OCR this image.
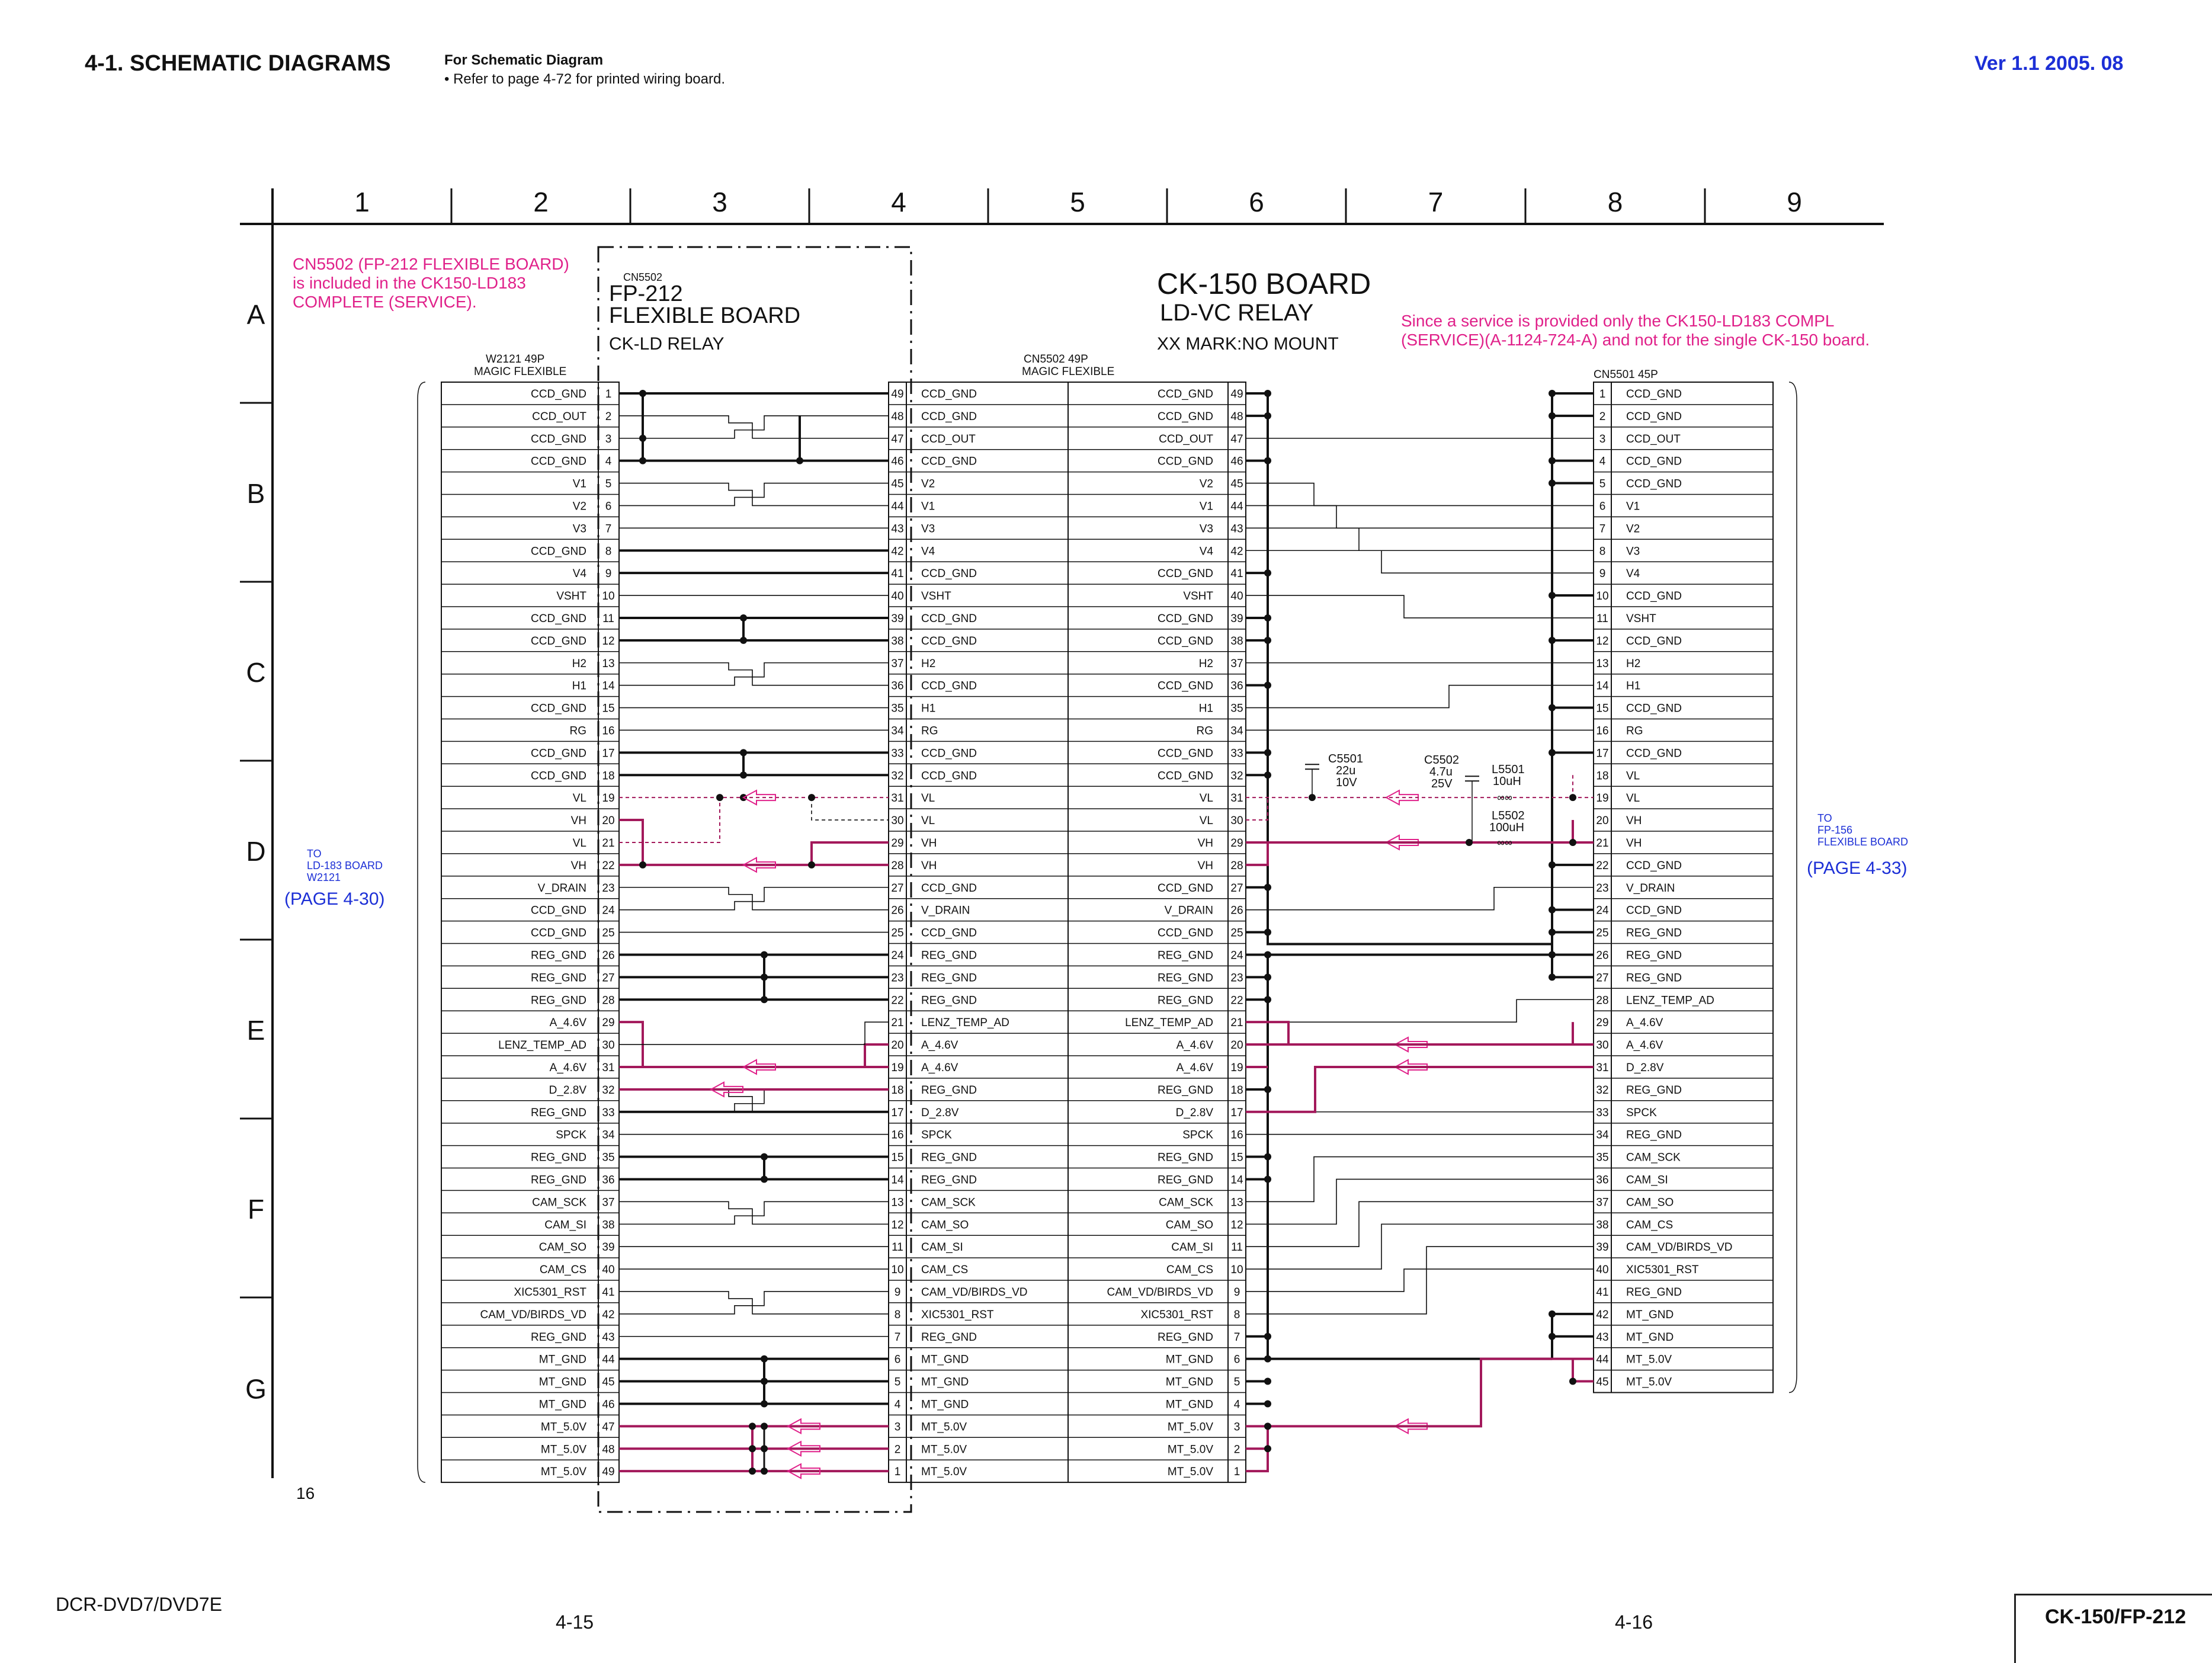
4-1. SCHEMATIC DIAGRAMS	For Schematic Diagram
• Refer to page 4-72 for printed wiring board.
Ver 1.1 2005. 08
CN5502 (FP-212 FLEXIBLE BOARD)
is included in the CK150-LD183
COMPLETE (SERVICE).
Since a service is provided only the CK150-LD183 COMPL
(SERVICE)(A-1124-724-A) and not for the single CK-150 board.
CN5502
FP-212
FLEXIBLE BOARD
CK-LD RELAY
CK-150 BOARD
LD-VC RELAY
XX MARK:NO MOUNT
W2121 49P
MAGIC FLEXIBLE
CN5502 49P
MAGIC FLEXIBLE	CN5501 45P
16
TO
LD-183 BOARD
W2121
(PAGE 4-30)
TO
FP-156
FLEXIBLE BOARD
(PAGE 4-33)
C5501
22u
10V
C5502
4.7u
25V
L5501
10uH
L5502
100uH
1	2	3	4	5	6	7	8	9
A
B
C
D
E
F
G
CCD_GND 1
CCD_OUT 2
CCD_GND 3
CCD_GND 4
V1 5
V2 6
V3 7
CCD_GND 8
V4 9
VSHT 10
CCD_GND 11
CCD_GND 12
H2 13
H1 14
CCD_GND 15
RG 16
CCD_GND 17
CCD_GND 18
VL 19
VH 20
VL 21
VH 22
V_DRAIN 23
CCD_GND 24
CCD_GND 25
REG_GND 26
REG_GND 27
REG_GND 28
A_4.6V 29
LENZ_TEMP_AD 30
A_4.6V 31
D_2.8V 32
REG_GND 33
SPCK 34
REG_GND 35
REG_GND 36
CAM_SCK 37
CAM_SI 38
CAM_SO 39
CAM_CS 40
XIC5301_RST 41
CAM_VD/BIRDS_VD 42
REG_GND 43
MT_GND 44
MT_GND 45
MT_GND 46
MT_5.0V 47
MT_5.0V 48
MT_5.0V 49
49 CCD_GND	CCD_GND 49
48 CCD_GND	CCD_GND 48
47 CCD_OUT	CCD_OUT 47
46 CCD_GND	CCD_GND 46
45 V2	V2 45
44 V1	V1 44
43 V3	V3 43
42 V4	V4 42
41 CCD_GND	CCD_GND 41
40 VSHT	VSHT 40
39 CCD_GND	CCD_GND 39
38 CCD_GND	CCD_GND 38
37 H2	H2 37
36 CCD_GND	CCD_GND 36
35 H1	H1 35
34 RG	RG 34
33 CCD_GND	CCD_GND 33
32 CCD_GND	CCD_GND 32
31 VL	VL 31
30 VL	VL 30
29 VH	VH 29
28 VH	VH 28
27 CCD_GND	CCD_GND 27
26 V_DRAIN	V_DRAIN 26
25 CCD_GND	CCD_GND 25
24 REG_GND	REG_GND 24
23 REG_GND	REG_GND 23
22 REG_GND	REG_GND 22
21 LENZ_TEMP_AD	LENZ_TEMP_AD 21
20 A_4.6V	A_4.6V 20
19 A_4.6V	A_4.6V 19
18 REG_GND	REG_GND 18
17 D_2.8V	D_2.8V 17
16 SPCK	SPCK 16
15 REG_GND	REG_GND 15
14 REG_GND	REG_GND 14
13 CAM_SCK	CAM_SCK 13
12 CAM_SO	CAM_SO 12
11 CAM_SI	CAM_SI 11
10 CAM_CS	CAM_CS 10
9 CAM_VD/BIRDS_VD	CAM_VD/BIRDS_VD 9
8 XIC5301_RST	XIC5301_RST 8
7 REG_GND	REG_GND 7
6 MT_GND	MT_GND 6
5 MT_GND	MT_GND 5
4 MT_GND	MT_GND 4
3 MT_5.0V	MT_5.0V 3
2 MT_5.0V	MT_5.0V 2
1 MT_5.0V	MT_5.0V 1
1 CCD_GND
2 CCD_GND
3 CCD_OUT
4 CCD_GND
5 CCD_GND
6 V1
7 V2
8 V3
9 V4
10 CCD_GND
11 VSHT
12 CCD_GND
13 H2
14 H1
15 CCD_GND
16 RG
17 CCD_GND
18 VL
19 VL
20 VH
21 VH
22 CCD_GND
23 V_DRAIN
24 CCD_GND
25 REG_GND
26 REG_GND
27 REG_GND
28 LENZ_TEMP_AD
29 A_4.6V
30 A_4.6V
31 D_2.8V
32 REG_GND
33 SPCK
34 REG_GND
35 CAM_SCK
36 CAM_SI
37 CAM_SO
38 CAM_CS
39 CAM_VD/BIRDS_VD
40 XIC5301_RST
41 REG_GND
42 MT_GND
43 MT_GND
44 MT_5.0V
45 MT_5.0V
∞∞
∞∞
DCR-DVD7/DVD7E
4-15	4-16	CK-150/FP-212
